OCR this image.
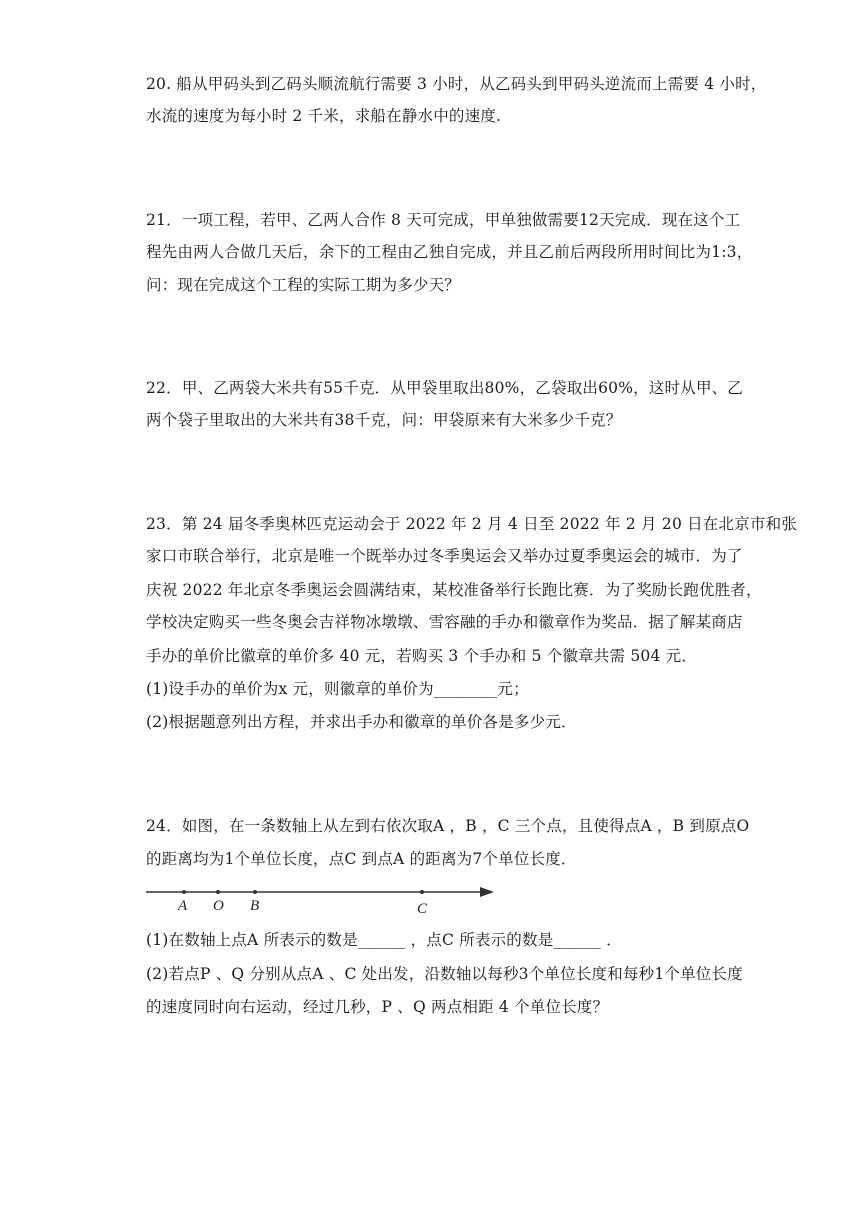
20. 船从甲码头到乙码头顺流航行需要 3 小时，从乙码头到甲码头逆流而上需要 4 小时，
水流的速度为每小时 2 千米，求船在静水中的速度.
21．一项工程，若甲、乙两人合作 8 天可完成，甲单独做需要12天完成．现在这个工
程先由两人合做几天后，余下的工程由乙独自完成，并且乙前后两段所用时间比为1:3，
问：现在完成这个工程的实际工期为多少天？
22．甲、乙两袋大米共有55千克．从甲袋里取出80%，乙袋取出60%，这时从甲、乙
两个袋子里取出的大米共有38千克，问：甲袋原来有大米多少千克？
23．第 24 届冬季奥林匹克运动会于 2022 年 2 月 4 日至 2022 年 2 月 20 日在北京市和张
家口市联合举行，北京是唯一个既举办过冬季奥运会又举办过夏季奥运会的城市．为了
庆祝 2022 年北京冬季奥运会圆满结束，某校准备举行长跑比赛．为了奖励长跑优胜者，
学校决定购买一些冬奥会吉祥物冰墩墩、雪容融的手办和徽章作为奖品．据了解某商店
手办的单价比徽章的单价多 40 元，若购买 3 个手办和 5 个徽章共需 504 元．
(1)设手办的单价为x 元，则徽章的单价为________元；
(2)根据题意列出方程，并求出手办和徽章的单价各是多少元．
24．如图，在一条数轴上从左到右依次取A ，B ，C 三个点，且使得点A ，B 到原点O
的距离均为1个单位长度，点C 到点A 的距离为7个单位长度．
A O B	C
(1)在数轴上点A 所表示的数是______ ，点C 所表示的数是______ ．
(2)若点P 、Q 分别从点A 、C 处出发，沿数轴以每秒3个单位长度和每秒1个单位长度
的速度同时向右运动，经过几秒，P 、Q 两点相距 4 个单位长度？
